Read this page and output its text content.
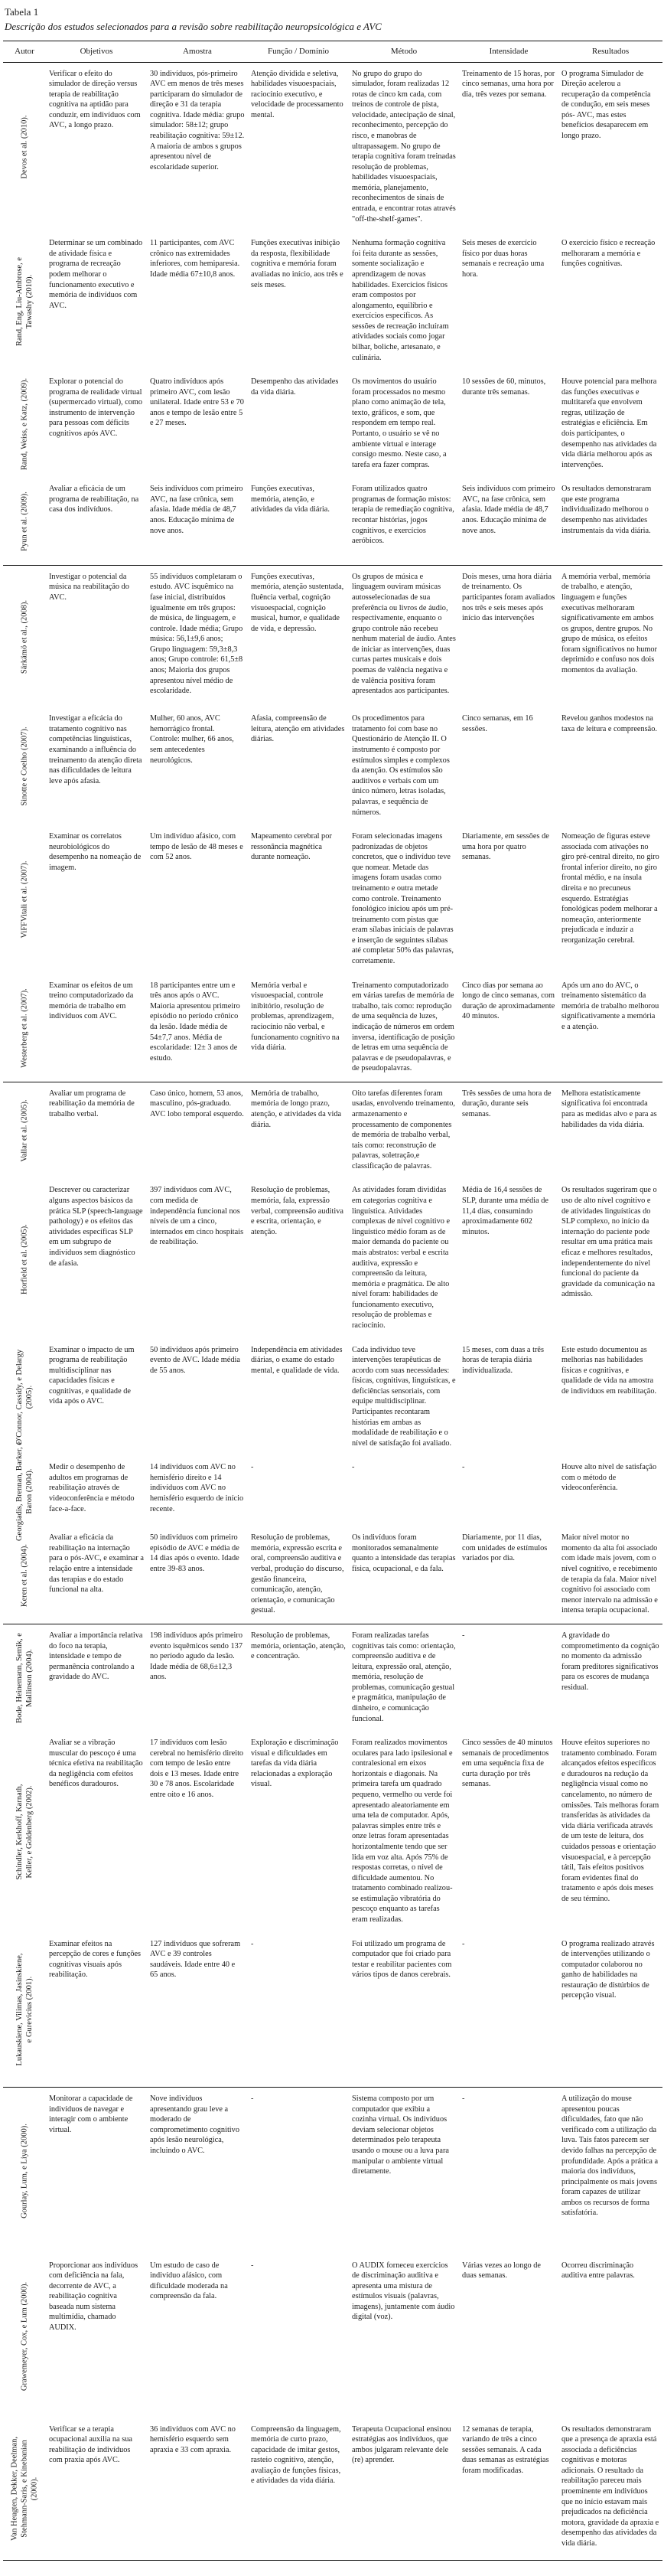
Tabela 1
Descrição dos estudos selecionados para a revisão sobre reabilitação neuropsicológica e AVC
Autor	Objetivos	Amostra	Função / Domínio	Método	Intensidade	Resultados

Devos et al. (2010).
	Verificar o efeito do simulador de direção versus terapia de reabilitação cognitiva na aptidão para conduzir, em indivíduos com AVC, a longo prazo.	30 indivíduos, pós-primeiro AVC em menos de três meses participaram do simulador de direção e 31 da terapia cognitiva. Idade média: grupo simulador: 58±12; grupo reabilitação cognitiva: 59±12. A maioria de ambos s grupos apresentou nível de escolaridade superior.	Atenção dividida e seletiva, habilidades visuoespaciais, raciocínio executivo, e velocidade de processamento mental.	No grupo do grupo do simulador, foram realizadas 12 rotas de cinco km cada, com treinos de controle de pista, velocidade, antecipação de sinal, reconhecimento, percepção do risco, e manobras de ultrapassagem. No grupo de terapia cognitiva foram treinadas resolução de problemas, habilidades visuoespaciais, memória, planejamento, reconhecimentos de sinais de entrada, e encontrar rotas através "off-the-shelf-games".	Treinamento de 15 horas, por cinco semanas, uma hora por dia, três vezes por semana.	O programa Simulador de Direção acelerou a recuperação da competência de condução, em seis meses pós- AVC, mas estes benefícios desaparecem em longo prazo.

Rand, Eng, Liu-Ambrose, e Tawashy (2010).	Determinar se um combinado de atividade física e programa de recreação podem melhorar o funcionamento executivo e memória de indivíduos com AVC.	11 participantes, com AVC crônico nas extremidades inferiores, com hemiparesia. Idade média 67±10,8 anos.	Funções executivas inibição da resposta, flexibilidade cognitiva e memória foram avaliadas no início, aos três e seis meses.	Nenhuma formação cognitiva foi feita durante as sessões, somente socialização e aprendizagem de novas habilidades. Exercícios físicos eram compostos por alongamento, equilíbrio e exercícios específicos. As sessões de recreação incluíram atividades sociais como jogar bilhar, boliche, artesanato, e culinária.	Seis meses de exercício físico por duas horas semanais e recreação uma hora.	O exercício físico e recreação melhoraram a memória e funções cognitivas.

Rand, Weiss, e Katz, (2009).	Explorar o potencial do programa de realidade virtual (supermercado virtual), como instrumento de intervenção para pessoas com déficits cognitivos após AVC.	Quatro indivíduos após primeiro AVC, com lesão unilateral. Idade entre 53 e 70 anos e tempo de lesão entre 5 e 27 meses.	Desempenho das atividades da vida diária.	Os movimentos do usuário foram processados no mesmo plano como animação de tela, texto, gráficos, e som, que respondem em tempo real. Portanto, o usuário se vê no ambiente virtual e interage consigo mesmo. Neste caso, a tarefa era fazer compras.	10 sessões de 60, minutos, durante três semanas.	Houve potencial para melhora das funções executivas e multitarefa que envolvem regras, utilização de estratégias e eficiência. Em dois participantes, o desempenho nas atividades da vida diária melhorou após as intervenções.

Pyun et al. (2009).	Avaliar a eficácia de um programa de reabilitação, na casa dos indivíduos.	Seis indivíduos com primeiro AVC, na fase crônica, sem afasia. Idade média de 48,7 anos. Educação mínima de nove anos.	Funções executivas, memória, atenção, e atividades da vida diária.	Foram utilizados quatro programas de formação mistos: terapia de remediação cognitiva, recontar histórias, jogos cognitivos, e exercícios aeróbicos.	Seis indivíduos com primeiro AVC, na fase crônica, sem afasia. Idade média de 48,7 anos. Educação mínima de nove anos.	Os resultados demonstraram que este programa individualizado melhorou o desempenho nas atividades instrumentais da vida diária.

Särkämö et al., (2008).
	Investigar o potencial da música na reabilitação do AVC.	55 indivíduos completaram o estudo. AVC isquêmico na fase inicial, distribuídos igualmente em três grupos: de música, de linguagem, e controle. Idade média; Grupo música: 56,1±9,6 anos; Grupo linguagem: 59,3±8,3 anos; Grupo controle: 61,5±8 anos; Maioria dos grupos apresentou nível médio de escolaridade.	Funções executivas, memória, atenção sustentada, fluência verbal, cognição visuoespacial, cognição musical, humor, e qualidade de vida, e depressão.	Os grupos de música e linguagem ouviram músicas autosselecionadas de sua preferência ou livros de áudio, respectivamente, enquanto o grupo controle não recebeu nenhum material de áudio. Antes de iniciar as intervenções, duas curtas partes musicais e dois poemas de valência negativa e de valência positiva foram apresentados aos participantes.	Dois meses, uma hora diária de treinamento. Os participantes foram avaliados nos três e seis meses após início das intervenções	A memória verbal, memória de trabalho, e atenção, linguagem e funções executivas melhoraram significativamente em ambos os grupos, dentre grupos. No grupo de música, os efeitos foram significativos no humor deprimido e confuso nos dois momentos da avaliação.

Sinotte e Coelho (2007).	Investigar a eficácia do tratamento cognitivo nas competências linguísticas, examinando a influência do treinamento da atenção direta nas dificuldades de leitura leve após afasia.	Mulher, 60 anos, AVC hemorrágico frontal. Controle: mulher, 66 anos, sem antecedentes neurológicos.	Afasia, compreensão de leitura, atenção em atividades diárias.	Os procedimentos para tratamento foi com base no Questionário de Atenção II. O instrumento é composto por estímulos simples e complexos da atenção. Os estímulos são auditivos e verbais com um único número, letras isoladas, palavras, e sequência de números.	Cinco semanas, em 16 sessões.	Revelou ganhos modestos na taxa de leitura e compreensão.

ViFFVitali et al. (2007).
	Examinar os correlatos neurobiológicos do desempenho na nomeação de imagem.	Um indivíduo afásico, com tempo de lesão de 48 meses e com 52 anos.	Mapeamento cerebral por ressonância magnética durante nomeação.	Foram selecionadas imagens padronizadas de objetos concretos, que o indivíduo teve que nomear. Metade das imagens foram usadas como treinamento e outra metade como controle. Treinamento fonológico iniciou após um pré-treinamento com pistas que eram sílabas iniciais de palavras e inserção de seguintes sílabas até completar 50% das palavras, corretamente.	Diariamente, em sessões de uma hora por quatro semanas.	Nomeação de figuras esteve associada com ativações no giro pré-central direito, no giro frontal inferior direito, no giro frontal médio, e na ínsula direita e no precuneus esquerdo. Estratégias fonológicas podem melhorar a nomeação, anteriormente prejudicada e induzir a reorganização cerebral.

Westerberg et al. (2007).	Examinar os efeitos de um treino computadorizado da memória de trabalho em indivíduos com AVC.	18 participantes entre um e três anos após o AVC. Maioria apresentou primeiro episódio no período crônico da lesão. Idade média de 54±7,7 anos. Média de escolaridade: 12± 3 anos de estudo.	Memória verbal e visuoespacial, controle inibitório, resolução de problemas, aprendizagem, raciocínio não verbal, e funcionamento cognitivo na vida diária.	Treinamento computadorizado em várias tarefas de memória de trabalho, tais como: reprodução de uma sequência de luzes, indicação de números em ordem inversa, identificação de posição de letras em uma sequência de palavras e de pseudopalavras, e de pseudopalavras.	Cinco dias por semana ao longo de cinco semanas, com duração de aproximadamente 40 minutos.	Após um ano do AVC, o treinamento sistemático da memória de trabalho melhorou significativamente a memória e a atenção.

Vallar et al. (2005).	Avaliar um programa de reabilitação da memória de trabalho verbal.	Caso único, homem, 53 anos, masculino, pós-graduado. AVC lobo temporal esquerdo.	Memória de trabalho, memória de longo prazo, atenção, e atividades da vida diária.	Oito tarefas diferentes foram usadas, envolvendo treinamento, armazenamento e processamento de componentes de memória de trabalho verbal, tais como: reconstrução de palavras, soletração,e classificação de palavras.	Três sessões de uma hora de duração, durante seis semanas.	Melhora estatisticamente significativa foi encontrada para as medidas alvo e para as habilidades da vida diária.

Horfield et al. (2005).
	Descrever ou caracterizar alguns aspectos básicos da prática SLP (speech-language pathology) e os efeitos das atividades específicas SLP em um subgrupo de indivíduos sem diagnóstico de afasia.	397 indivíduos com AVC, com medida de independência funcional nos níveis de um a cinco, internados em cinco hospitais de reabilitação.	Resolução de problemas, memória, fala, expressão verbal, compreensão auditiva e escrita, orientação, e atenção.	As atividades foram divididas em categorias cognitiva e linguística. Atividades complexas de nível cognitivo e linguístico médio foram as de maior demanda do paciente ou mais abstratos: verbal e escrita auditiva, expressão e compreensão da leitura, memória e pragmática. De alto nível foram: habilidades de funcionamento executivo, resolução de problemas e raciocínio.	Média de 16,4 sessões de SLP, durante uma média de 11,4 dias, consumindo aproximadamente 602 minutos.	Os resultados sugeriram que o uso de alto nível cognitivo e de atividades linguísticas do SLP complexo, no início da internação do paciente pode resultar em uma prática mais eficaz e melhores resultados, independentemente do nível funcional do paciente da gravidade da comunicação na admissão.

O'Connor, Cassidy, e Delargy (2005).	Examinar o impacto de um programa de reabilitação multidisciplinar nas capacidades físicas e cognitivas, e qualidade de vida após o AVC.	50 indivíduos após primeiro evento de AVC. Idade média de 55 anos.	Independência em atividades diárias, o exame do estado mental, e qualidade de vida.	Cada indivíduo teve intervenções terapêuticas de acordo com suas necessidades: físicas, cognitivas, linguísticas, e deficiências sensoriais, com equipe multidisciplinar. Participantes recontaram histórias em ambas as modalidade de reabilitação e o nível de satisfação foi avaliado.	15 meses, com duas a três horas de terapia diária individualizada.	Este estudo documentou as melhorias nas habilidades físicas e cognitivas, e qualidade de vida na amostra de indivíduos em reabilitação.

Georgiadis, Brennan, Barker, e Baron (2004).	Medir o desempenho de adultos em programas de reabilitação através de videoconferência e método face-a-face.	14 indivíduos com AVC no hemisfério direito e 14 indivíduos com AVC no hemisfério esquerdo de início recente.	-	-	-	Houve alto nível de satisfação com o método de videoconferência.

Keren et al. (2004).	Avaliar a eficácia da reabilitação na internação para o pós-AVC, e examinar a relação entre a intensidade das terapias e do estado funcional na alta.	50 indivíduos com primeiro episódio de AVC e média de 14 dias após o evento. Idade entre 39-83 anos.	Resolução de problemas, memória, expressão escrita e oral, compreensão auditiva e verbal, produção do discurso, gestão financeira, comunicação, atenção, orientação, e comunicação gestual.	Os indivíduos foram monitorados semanalmente quanto a intensidade das terapias física, ocupacional, e da fala.	Diariamente, por 11 dias, com unidades de estímulos variados por dia.	Maior nível motor no momento da alta foi associado com idade mais jovem, com o nível cognitivo, e recebimento de terapia da fala. Maior nível cognitivo foi associado com menor intervalo na admissão e intensa terapia ocupacional.

Bode, Heinemann, Semik, e Mallinson (2004).	Avaliar a importância relativa do foco na terapia, intensidade e tempo de permanência controlando a gravidade do AVC.	198 indivíduos após primeiro evento isquêmicos sendo 137 no período agudo da lesão. Idade média de 68,6±12,3 anos.	Resolução de problemas, memória, orientação, atenção, e concentração.	Foram realizadas tarefas cognitivas tais como: orientação, compreensão auditiva e de leitura, expressão oral, atenção, memória, resolução de problemas, comunicação gestual e pragmática, manipulação de dinheiro, e comunicação funcional.	-	A gravidade do comprometimento da cognição no momento da admissão foram preditores significativos para os escores de mudança residual.

Schindler, Kerkhoff, Karnath, Keller, e Goldenberg (2002).
	Avaliar se a vibração muscular do pescoço é uma técnica efetiva na reabilitação da negligência com efeitos benéficos duradouros.	17 indivíduos com lesão cerebral no hemisfério direito com tempo de lesão entre dois e 13 meses. Idade entre 30 e 78 anos. Escolaridade entre oito e 16 anos.	Exploração e discriminação visual e dificuldades em tarefas da vida diária relacionadas a exploração visual.	Foram realizados movimentos oculares para lado ipsilesional e contralesional em eixos horizontais e diagonais. Na primeira tarefa um quadrado pequeno, vermelho ou verde foi apresentado aleatoriamente em uma tela de computador. Após, palavras simples entre três e onze letras foram apresentadas horizontalmente tendo que ser lida em voz alta. Após 75% de respostas corretas, o nível de dificuldade aumentou. No tratamento combinado realizou-se estimulação vibratória do pescoço enquanto as tarefas eram realizadas.	Cinco sessões de 40 minutos semanais de procedimentos em uma sequência fixa de curta duração por três semanas.	Houve efeitos superiores no tratamento combinado. Foram alcançados efeitos específicos e duradouros na redução da negligência visual como no cancelamento, no número de omissões. Tais melhoras foram transferidas às atividades da vida diária verificada através de um teste de leitura, dos cuidados pessoas e orientação visuoespacial, e à percepção tátil, Tais efeitos positivos foram evidentes final do tratamento e após dois meses de seu término.

Lukauskiene, Vilimas, Jasinskiene, e Gurevicius (2001).	Examinar efeitos na percepção de cores e funções cognitivas visuais após reabilitação.	127 indivíduos que sofreram AVC e 39 controles saudáveis. Idade entre 40 e 65 anos.	-	Foi utilizado um programa de computador que foi criado para testar e reabilitar pacientes com vários tipos de danos cerebrais.	-	O programa realizado através de intervenções utilizando o computador colaborou no ganho de habilidades na restauração de distúrbios de percepção visual.

Gourlay, Lum, e Liya (2000).
	Monitorar a capacidade de indivíduos de navegar e interagir com o ambiente virtual.	Nove indivíduos apresentando grau leve a moderado de comprometimento cognitivo após lesão neurológica, incluindo o AVC.	-	Sistema composto por um computador que exibiu a cozinha virtual. Os indivíduos deviam selecionar objetos determinados pelo terapeuta usando o mouse ou a luva para manipular o ambiente virtual diretamente.	-	A utilização do mouse apresentou poucas dificuldades, fato que não verificado com a utilização da luva. Tais fatos parecem ser devido falhas na percepção de profundidade. Após a prática a maioria dos indivíduos, principalmente os mais jovens foram capazes de utilizar ambos os recursos de forma satisfatória.

Grawemeyer, Cox, e Lum (2000).	Proporcionar aos indivíduos com deficiência na fala, decorrente de AVC, a reabilitação cognitiva baseada num sistema multimídia, chamado AUDIX.	Um estudo de caso de indivíduo afásico, com dificuldade moderada na compreensão da fala.	-	O AUDIX forneceu exercícios de discriminação auditiva e apresenta uma mistura de estímulos visuais (palavras, imagens), juntamente com áudio digital (voz).	Várias vezes ao longo de duas semanas.	Ocorreu discriminação auditiva entre palavras.

Van Heugten, Dekker, Deelman, Stehmann-Saris, e Kinebanian (2000).	Verificar se a terapia ocupacional auxilia na sua reabilitação de indivíduos com praxia após AVC.	36 indivíduos com AVC no hemisfério esquerdo sem apraxia e 33 com apraxia.	Compreensão da linguagem, memória de curto prazo, capacidade de imitar gestos, rasteio cognitivo, atenção, avaliação de funções físicas, e atividades da vida diária.	Terapeuta Ocupacional ensinou estratégias aos indivíduos, que ambos julgaram relevante dele (re) aprender.	12 semanas de terapia, variando de três a cinco sessões semanais. A cada duas semanas as estratégias foram modificadas.	Os resultados demonstraram que a presença de apraxia está associada a deficiências cognitivas e motoras adicionais. O resultado da reabilitação pareceu mais proeminente em indivíduos que no início estavam mais prejudicados na deficiência motora, gravidade da apraxia e desempenho das atividades da vida diária.
